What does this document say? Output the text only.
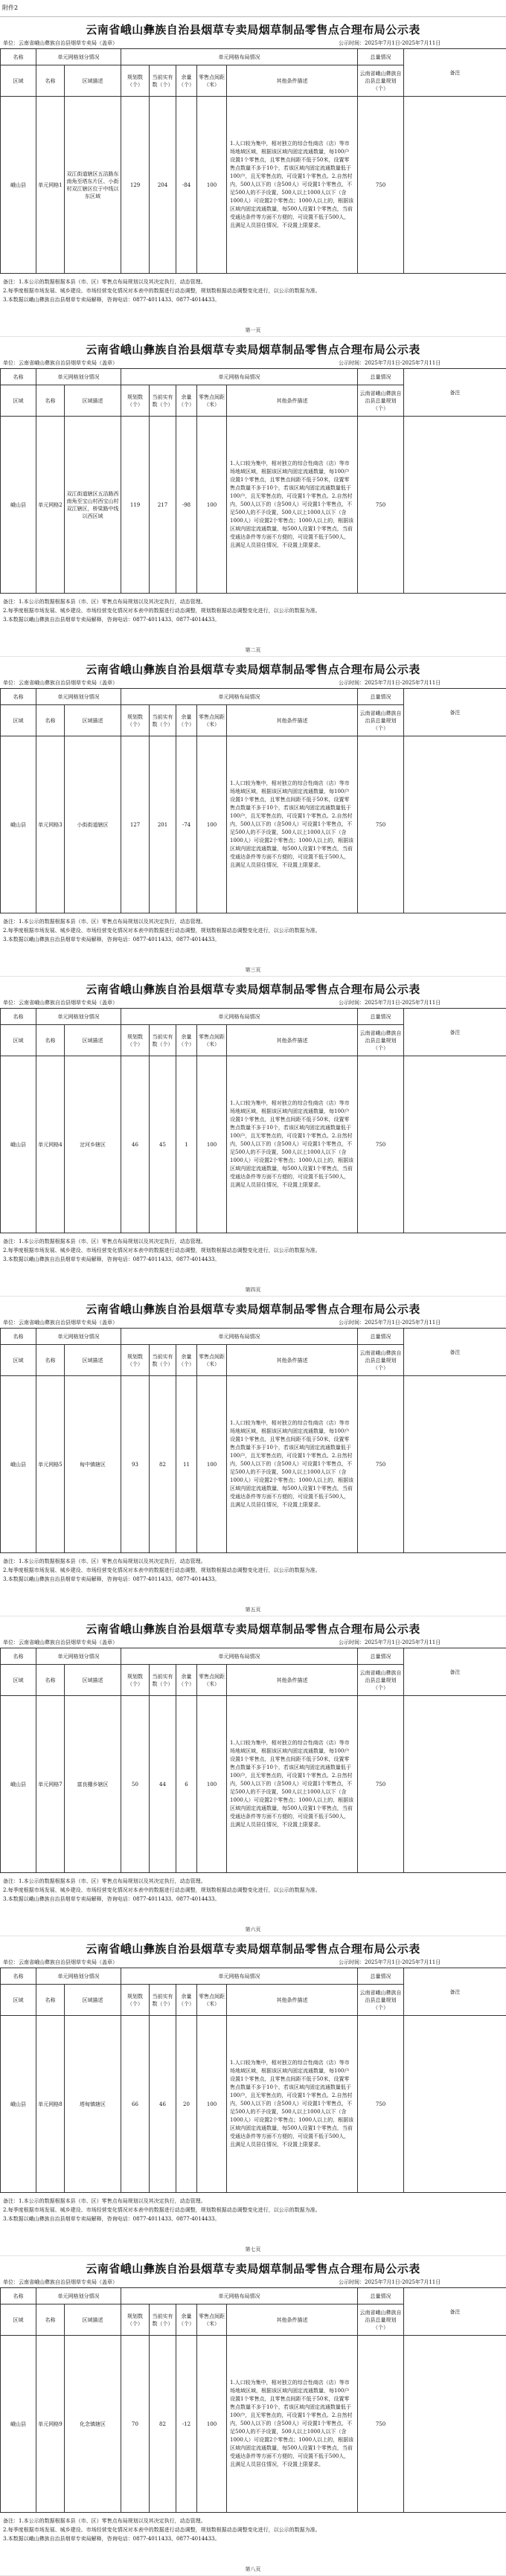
附件2
云南省峨山彝族自治县烟草专卖局烟草制品零售点合理布局公示表
单位：云南省峨山彝族自治县烟草专卖局（盖章）	公示时间：2025年7月1日-2025年7月11日
名称	单元网格划分情况		单元网格布局情况					总量情况	备注
区域	名称	区域描述	规划数（个）	当前实有数（个）	余量（个）	零售点间距（米）	其他条件描述	云南省峨山彝族自治县总量规划（个）	
峨山县	单元网格1	双江街道辖区五洁路东南角至塔东片区、小街村双江辖区位于中线以东区域	129	204	-84	100	1.人口较为集中，相对独立的综合性商店（店）等市场地域区域，根据该区域内固定流通数量，每100户设置1个零售点，且零售点间距不低于50米，设置零售点数量不多于10个，若该区域内固定流通数量低于100户，且无零售点的，可设置1个零售点。2.自然村内，500人以下的（含500人）可设置1个零售点，不足500人的不予设置，500人以上1000人以下（含1000人）可设置2个零售点；1000人以上的，根据该区域内固定流通数量，每500人设置1个零售点，当前受通达条件等方面不方便的，可设置不低于500人，且满足人员居住情况，不设置上限要求。	750	
备注：1.本公示的数据根据本县（市、区）零售点布局规划以及其决定执行，动态管理。
2.每季度根据市场发展、城乡建设、市场经营变化情况对本表中的数据进行动态调整，规划数根据动态调整变化进行，以公示的数据为准。
3.本数据以峨山彝族自治县烟草专卖局解释，咨询电话：0877-4011433、0877-4014433。
第一页
云南省峨山彝族自治县烟草专卖局烟草制品零售点合理布局公示表
单位：云南省峨山彝族自治县烟草专卖局（盖章）	公示时间：2025年7月1日-2025年7月11日
名称	单元网格划分情况		单元网格布局情况					总量情况	备注
区域	名称	区域描述	规划数（个）	当前实有数（个）	余量（个）	零售点间距（米）	其他条件描述	云南省峨山彝族自治县总量规划（个）	
峨山县	单元网格2	双江街道辖区五洁路西南角至宝山村西宝山村双江辖区，桥梁路中线以西区域	119	217	-98	100	1.人口较为集中，相对独立的综合性商店（店）等市场地域区域，根据该区域内固定流通数量，每100户设置1个零售点，且零售点间距不低于50米，设置零售点数量不多于10个，若该区域内固定流通数量低于100户，且无零售点的，可设置1个零售点。2.自然村内，500人以下的（含500人）可设置1个零售点，不足500人的不予设置，500人以上1000人以下（含1000人）可设置2个零售点；1000人以上的，根据该区域内固定流通数量，每500人设置1个零售点，当前受通达条件等方面不方便的，可设置不低于500人，且满足人员居住情况，不设置上限要求。	750	
备注：1.本公示的数据根据本县（市、区）零售点布局规划以及其决定执行，动态管理。
2.每季度根据市场发展、城乡建设、市场经营变化情况对本表中的数据进行动态调整，规划数根据动态调整变化进行，以公示的数据为准。
3.本数据以峨山彝族自治县烟草专卖局解释，咨询电话：0877-4011433、0877-4014433。
第二页
云南省峨山彝族自治县烟草专卖局烟草制品零售点合理布局公示表
单位：云南省峨山彝族自治县烟草专卖局（盖章）	公示时间：2025年7月1日-2025年7月11日
名称	单元网格划分情况		单元网格布局情况					总量情况	备注
区域	名称	区域描述	规划数（个）	当前实有数（个）	余量（个）	零售点间距（米）	其他条件描述	云南省峨山彝族自治县总量规划（个）	
峨山县	单元网格3	小街街道辖区	127	201	-74	100	1.人口较为集中，相对独立的综合性商店（店）等市场地域区域，根据该区域内固定流通数量，每100户设置1个零售点，且零售点间距不低于50米，设置零售点数量不多于10个，若该区域内固定流通数量低于100户，且无零售点的，可设置1个零售点。2.自然村内，500人以下的（含500人）可设置1个零售点，不足500人的不予设置，500人以上1000人以下（含1000人）可设置2个零售点；1000人以上的，根据该区域内固定流通数量，每500人设置1个零售点，当前受通达条件等方面不方便的，可设置不低于500人，且满足人员居住情况，不设置上限要求。	750	
备注：1.本公示的数据根据本县（市、区）零售点布局规划以及其决定执行，动态管理。
2.每季度根据市场发展、城乡建设、市场经营变化情况对本表中的数据进行动态调整，规划数根据动态调整变化进行，以公示的数据为准。
3.本数据以峨山彝族自治县烟草专卖局解释，咨询电话：0877-4011433、0877-4014433。
第三页
云南省峨山彝族自治县烟草专卖局烟草制品零售点合理布局公示表
单位：云南省峨山彝族自治县烟草专卖局（盖章）	公示时间：2025年7月1日-2025年7月11日
名称	单元网格划分情况		单元网格布局情况					总量情况	备注
区域	名称	区域描述	规划数（个）	当前实有数（个）	余量（个）	零售点间距（米）	其他条件描述	云南省峨山彝族自治县总量规划（个）	
峨山县	单元网格4	岔河乡辖区	46	45	1	100	1.人口较为集中，相对独立的综合性商店（店）等市场地域区域，根据该区域内固定流通数量，每100户设置1个零售点，且零售点间距不低于50米，设置零售点数量不多于10个，若该区域内固定流通数量低于100户，且无零售点的，可设置1个零售点。2.自然村内，500人以下的（含500人）可设置1个零售点，不足500人的不予设置，500人以上1000人以下（含1000人）可设置2个零售点；1000人以上的，根据该区域内固定流通数量，每500人设置1个零售点，当前受通达条件等方面不方便的，可设置不低于500人，且满足人员居住情况，不设置上限要求。	750	
备注：1.本公示的数据根据本县（市、区）零售点布局规划以及其决定执行，动态管理。
2.每季度根据市场发展、城乡建设、市场经营变化情况对本表中的数据进行动态调整，规划数根据动态调整变化进行，以公示的数据为准。
3.本数据以峨山彝族自治县烟草专卖局解释，咨询电话：0877-4011433、0877-4014433。
第四页
云南省峨山彝族自治县烟草专卖局烟草制品零售点合理布局公示表
单位：云南省峨山彝族自治县烟草专卖局（盖章）	公示时间：2025年7月1日-2025年7月11日
名称	单元网格划分情况		单元网格布局情况					总量情况	备注
区域	名称	区域描述	规划数（个）	当前实有数（个）	余量（个）	零售点间距（米）	其他条件描述	云南省峨山彝族自治县总量规划（个）	
峨山县	单元网格5	甸中镇辖区	93	82	11	100	1.人口较为集中，相对独立的综合性商店（店）等市场地域区域，根据该区域内固定流通数量，每100户设置1个零售点，且零售点间距不低于50米，设置零售点数量不多于10个，若该区域内固定流通数量低于100户，且无零售点的，可设置1个零售点。2.自然村内，500人以下的（含500人）可设置1个零售点，不足500人的不予设置，500人以上1000人以下（含1000人）可设置2个零售点；1000人以上的，根据该区域内固定流通数量，每500人设置1个零售点，当前受通达条件等方面不方便的，可设置不低于500人，且满足人员居住情况，不设置上限要求。	750	
备注：1.本公示的数据根据本县（市、区）零售点布局规划以及其决定执行，动态管理。
2.每季度根据市场发展、城乡建设、市场经营变化情况对本表中的数据进行动态调整，规划数根据动态调整变化进行，以公示的数据为准。
3.本数据以峨山彝族自治县烟草专卖局解释，咨询电话：0877-4011433、0877-4014433。
第五页
云南省峨山彝族自治县烟草专卖局烟草制品零售点合理布局公示表
单位：云南省峨山彝族自治县烟草专卖局（盖章）	公示时间：2025年7月1日-2025年7月11日
名称	单元网格划分情况		单元网格布局情况					总量情况	备注
区域	名称	区域描述	规划数（个）	当前实有数（个）	余量（个）	零售点间距（米）	其他条件描述	云南省峨山彝族自治县总量规划（个）	
峨山县	单元网格7	富良棚乡辖区	50	44	6	100	1.人口较为集中，相对独立的综合性商店（店）等市场地域区域，根据该区域内固定流通数量，每100户设置1个零售点，且零售点间距不低于50米，设置零售点数量不多于10个，若该区域内固定流通数量低于100户，且无零售点的，可设置1个零售点。2.自然村内，500人以下的（含500人）可设置1个零售点，不足500人的不予设置，500人以上1000人以下（含1000人）可设置2个零售点；1000人以上的，根据该区域内固定流通数量，每500人设置1个零售点，当前受通达条件等方面不方便的，可设置不低于500人，且满足人员居住情况，不设置上限要求。	750	
备注：1.本公示的数据根据本县（市、区）零售点布局规划以及其决定执行，动态管理。
2.每季度根据市场发展、城乡建设、市场经营变化情况对本表中的数据进行动态调整，规划数根据动态调整变化进行，以公示的数据为准。
3.本数据以峨山彝族自治县烟草专卖局解释，咨询电话：0877-4011433、0877-4014433。
第六页
云南省峨山彝族自治县烟草专卖局烟草制品零售点合理布局公示表
单位：云南省峨山彝族自治县烟草专卖局（盖章）	公示时间：2025年7月1日-2025年7月11日
名称	单元网格划分情况		单元网格布局情况					总量情况	备注
区域	名称	区域描述	规划数（个）	当前实有数（个）	余量（个）	零售点间距（米）	其他条件描述	云南省峨山彝族自治县总量规划（个）	
峨山县	单元网格8	塔甸镇辖区	66	46	20	100	1.人口较为集中，相对独立的综合性商店（店）等市场地域区域，根据该区域内固定流通数量，每100户设置1个零售点，且零售点间距不低于50米，设置零售点数量不多于10个，若该区域内固定流通数量低于100户，且无零售点的，可设置1个零售点。2.自然村内，500人以下的（含500人）可设置1个零售点，不足500人的不予设置，500人以上1000人以下（含1000人）可设置2个零售点；1000人以上的，根据该区域内固定流通数量，每500人设置1个零售点，当前受通达条件等方面不方便的，可设置不低于500人，且满足人员居住情况，不设置上限要求。	750	
备注：1.本公示的数据根据本县（市、区）零售点布局规划以及其决定执行，动态管理。
2.每季度根据市场发展、城乡建设、市场经营变化情况对本表中的数据进行动态调整，规划数根据动态调整变化进行，以公示的数据为准。
3.本数据以峨山彝族自治县烟草专卖局解释，咨询电话：0877-4011433、0877-4014433。
第七页
云南省峨山彝族自治县烟草专卖局烟草制品零售点合理布局公示表
单位：云南省峨山彝族自治县烟草专卖局（盖章）	公示时间：2025年7月1日-2025年7月11日
名称	单元网格划分情况		单元网格布局情况					总量情况	备注
区域	名称	区域描述	规划数（个）	当前实有数（个）	余量（个）	零售点间距（米）	其他条件描述	云南省峨山彝族自治县总量规划（个）	
峨山县	单元网格9	化念镇辖区	70	82	-12	100	1.人口较为集中，相对独立的综合性商店（店）等市场地域区域，根据该区域内固定流通数量，每100户设置1个零售点，且零售点间距不低于50米，设置零售点数量不多于10个，若该区域内固定流通数量低于100户，且无零售点的，可设置1个零售点。2.自然村内，500人以下的（含500人）可设置1个零售点，不足500人的不予设置，500人以上1000人以下（含1000人）可设置2个零售点；1000人以上的，根据该区域内固定流通数量，每500人设置1个零售点，当前受通达条件等方面不方便的，可设置不低于500人，且满足人员居住情况，不设置上限要求。	750	
备注：1.本公示的数据根据本县（市、区）零售点布局规划以及其决定执行，动态管理。
2.每季度根据市场发展、城乡建设、市场经营变化情况对本表中的数据进行动态调整，规划数根据动态调整变化进行，以公示的数据为准。
3.本数据以峨山彝族自治县烟草专卖局解释，咨询电话：0877-4011433、0877-4014433。
第八页
